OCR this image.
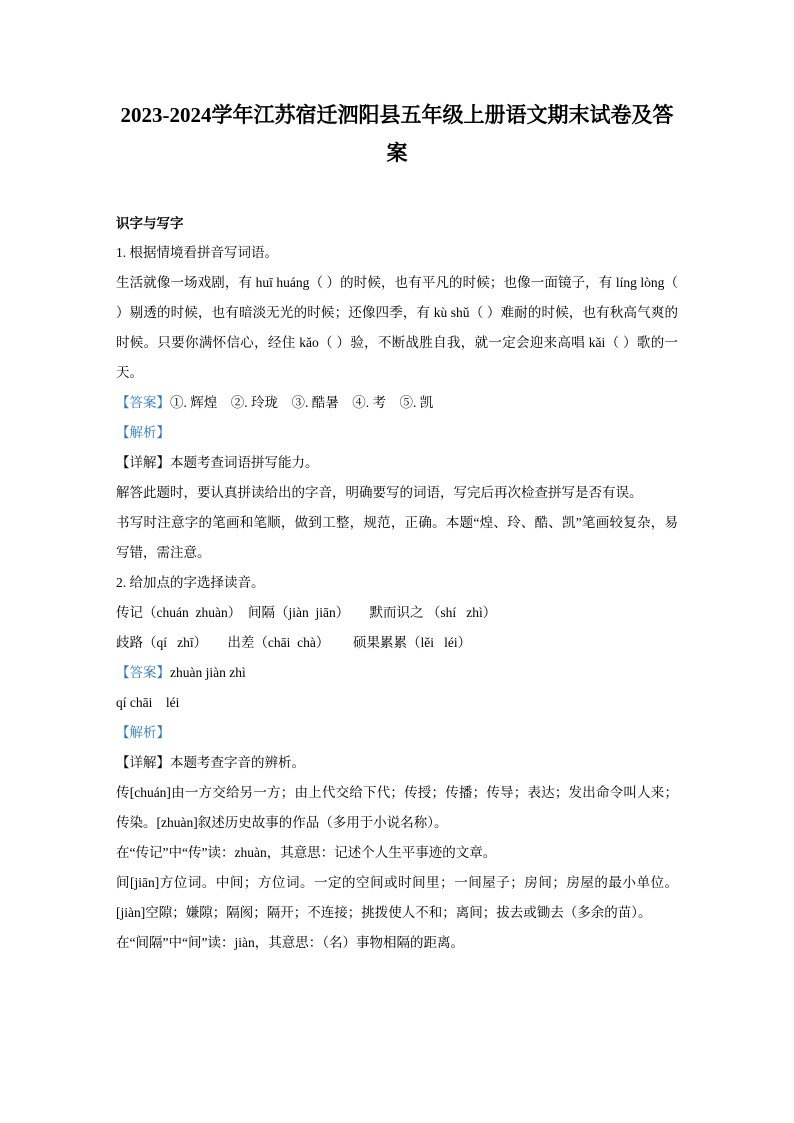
2023-2024学年江苏宿迁泗阳县五年级上册语文期末试卷及答案
识字与写字

1. 根据情境看拼音写词语。

生活就像一场戏剧，有 huī huáng（ ）的时候，也有平凡的时候；也像一面镜子，有 líng lòng（ ）剔透的时候，也有暗淡无光的时候；还像四季，有 kù shǔ（ ）难耐的时候，也有秋高气爽的时候。只要你满怀信心，经住 kǎo（ ）验，不断战胜自我，就一定会迎来高唱 kǎi（ ）歌的一天。

【答案】①. 辉煌    ②. 玲珑    ③. 酷暑    ④. 考    ⑤. 凯

【解析】

【详解】本题考查词语拼写能力。

解答此题时，要认真拼读给出的字音，明确要写的词语，写完后再次检查拼写是否有误。

书写时注意字的笔画和笔顺，做到工整，规范，正确。本题“煌、玲、酷、凯”笔画较复杂，易写错，需注意。

2. 给加点的字选择读音。

传记（chuán  zhuàn）  间隔（jiàn  jiān）      默而识之 （shí   zhì）

歧路（qí   zhī）      出差（chāi  chà）       硕果累累（lěi   léi）

【答案】zhuàn jiàn zhì

qí chāi    léi

【解析】

【详解】本题考查字音的辨析。

传[chuán]由一方交给另一方；由上代交给下代；传授；传播；传导；表达；发出命令叫人来；传染。[zhuàn]叙述历史故事的作品（多用于小说名称）。

在“传记”中“传”读：zhuàn，其意思：记述个人生平事迹的文章。

间[jiān]方位词。中间；方位词。一定的空间或时间里；一间屋子；房间；房屋的最小单位。[jiàn]空隙；嫌隙；隔阂；隔开；不连接；挑拨使人不和；离间；拔去或锄去（多余的苗）。

在“间隔”中“间”读：jiàn，其意思：（名）事物相隔的距离。
